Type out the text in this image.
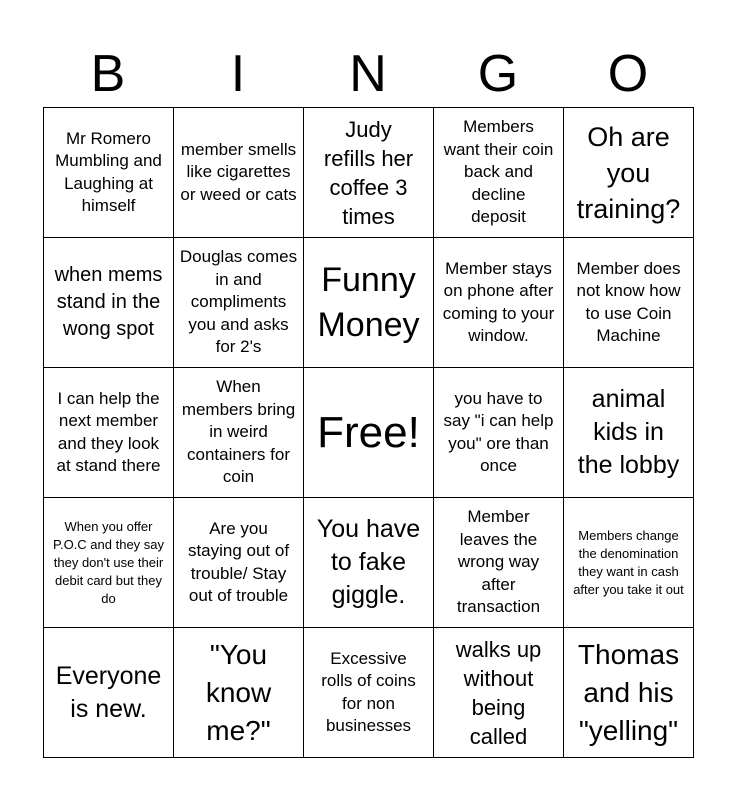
B	I	N	G	O
Mr Romero Mumbling and Laughing at himself
member smells like cigarettes or weed or cats
Judy refills her coffee 3 times
Members want their coin back and decline deposit
Oh are you training?
when mems stand in the wong spot
Douglas comes in and compliments you and asks for 2's
Funny Money
Member stays on phone after coming to your window.
Member does not know how to use Coin Machine
I can help the next member and they look at stand there
When members bring in weird containers for coin
Free!
you have to say "i can help you" ore than once
animal kids in the lobby
When you offer P.O.C and they say they don't use their debit card but they do
Are you staying out of trouble/ Stay out of trouble
You have to fake giggle.
Member leaves the wrong way after transaction
Members change the denomination they want in cash after you take it out
Everyone is new.
"You know me?"
Excessive rolls of coins for non businesses
walks up without being called
Thomas and his "yelling"
